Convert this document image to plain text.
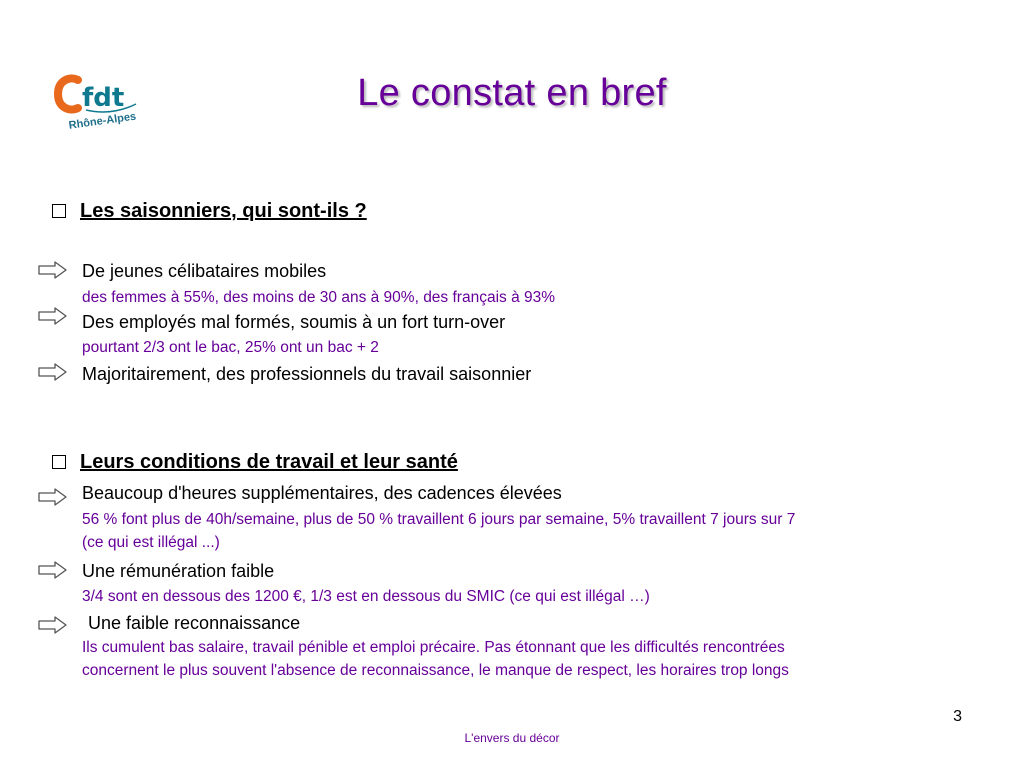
fdt
Rhône-Alpes
Le constat en bref
Les saisonniers, qui sont-ils ?
De jeunes célibataires mobiles
des femmes à 55%, des moins de 30 ans à 90%, des français à 93%
Des employés mal formés, soumis à un fort turn-over
pourtant 2/3 ont le bac, 25% ont un bac + 2
Majoritairement, des professionnels du travail saisonnier
Leurs conditions de travail et leur santé
Beaucoup d'heures supplémentaires, des cadences élevées
56 % font plus de 40h/semaine, plus de 50 % travaillent 6 jours par semaine, 5% travaillent 7 jours sur 7
(ce qui est illégal ...)
Une rémunération faible
3/4 sont en dessous des 1200 €, 1/3 est en dessous du SMIC (ce qui est illégal …)
Une faible reconnaissance
Ils cumulent bas salaire, travail pénible et emploi précaire. Pas étonnant que les difficultés rencontrées
concernent le plus souvent l'absence de reconnaissance, le manque de respect, les horaires trop longs
3
L'envers du décor
